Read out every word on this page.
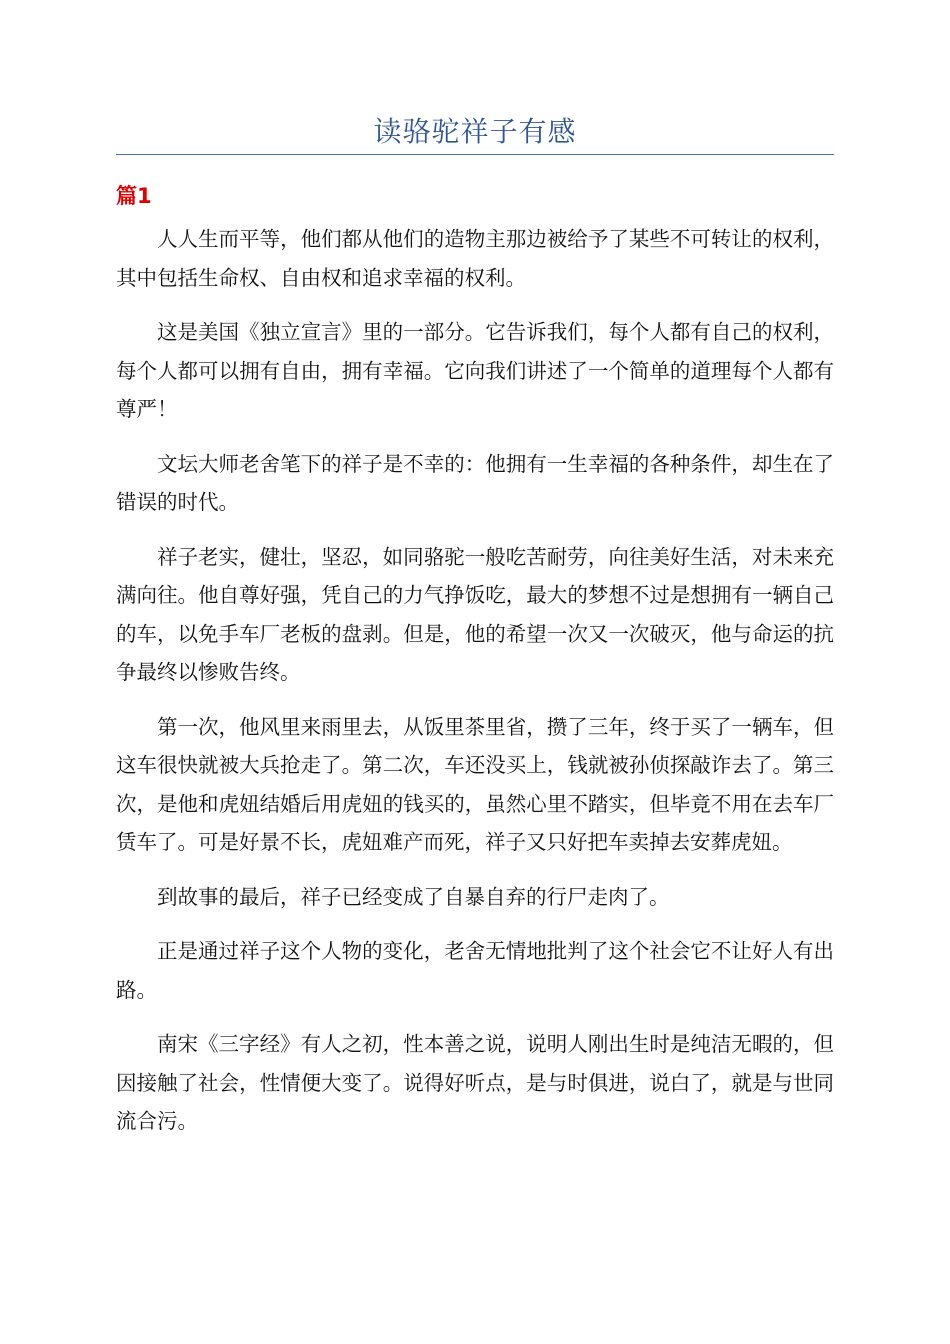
读骆驼祥子有感
篇1

人人生而平等，他们都从他们的造物主那边被给予了某些不可转让的权利，其中包括生命权、自由权和追求幸福的权利。

这是美国《独立宣言》里的一部分。它告诉我们，每个人都有自己的权利，每个人都可以拥有自由，拥有幸福。它向我们讲述了一个简单的道理每个人都有尊严！

文坛大师老舍笔下的祥子是不幸的：他拥有一生幸福的各种条件，却生在了错误的时代。

祥子老实，健壮，坚忍，如同骆驼一般吃苦耐劳，向往美好生活，对未来充满向往。他自尊好强，凭自己的力气挣饭吃，最大的梦想不过是想拥有一辆自己的车，以免手车厂老板的盘剥。但是，他的希望一次又一次破灭，他与命运的抗争最终以惨败告终。

第一次，他风里来雨里去，从饭里茶里省，攒了三年，终于买了一辆车，但这车很快就被大兵抢走了。第二次，车还没买上，钱就被孙侦探敲诈去了。第三次，是他和虎妞结婚后用虎妞的钱买的，虽然心里不踏实，但毕竟不用在去车厂赁车了。可是好景不长，虎妞难产而死，祥子又只好把车卖掉去安葬虎妞。

到故事的最后，祥子已经变成了自暴自弃的行尸走肉了。

正是通过祥子这个人物的变化，老舍无情地批判了这个社会它不让好人有出路。

南宋《三字经》有人之初，性本善之说，说明人刚出生时是纯洁无暇的，但因接触了社会，性情便大变了。说得好听点，是与时俱进，说白了，就是与世同流合污。
